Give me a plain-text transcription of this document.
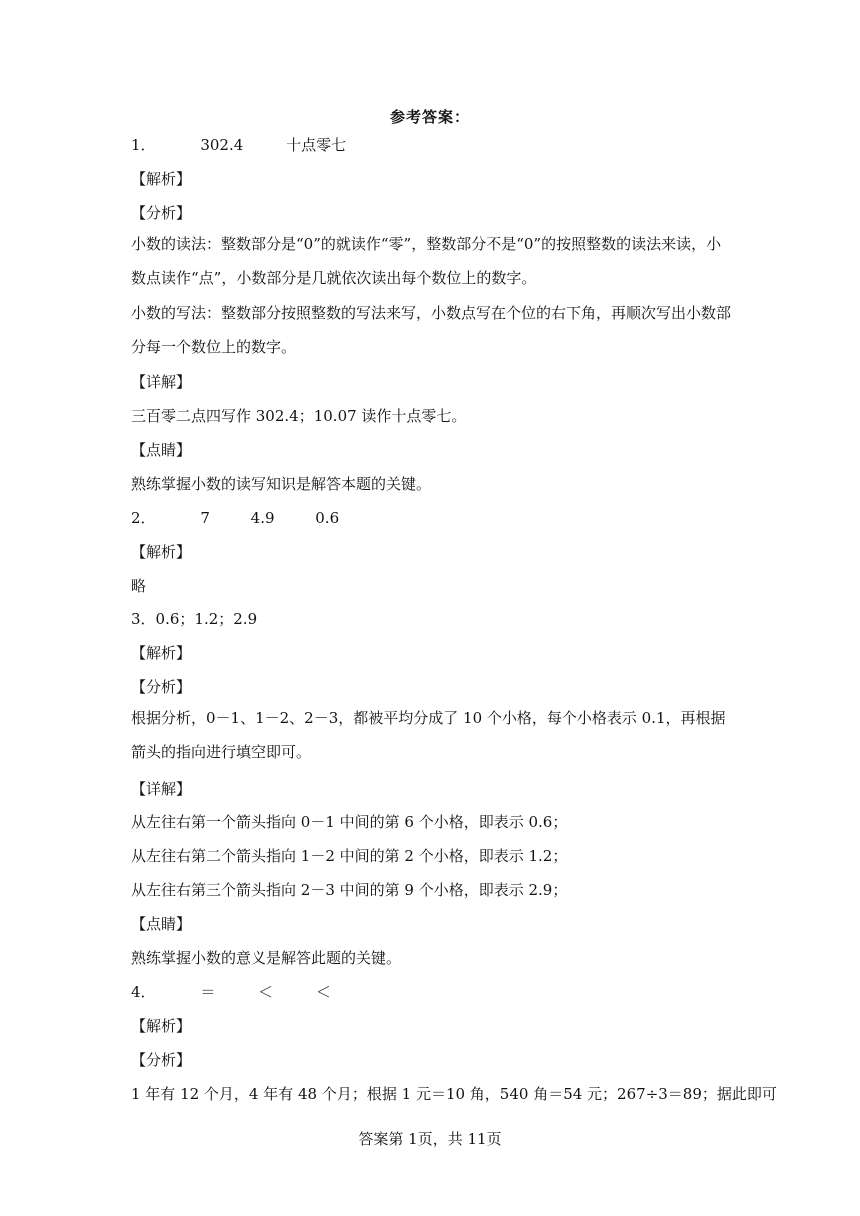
参考答案：
1．	302.4	十点零七
【解析】
【分析】
小数的读法：整数部分是“0”的就读作“零”，整数部分不是“0”的按照整数的读法来读，小数点读作“点”，小数部分是几就依次读出每个数位上的数字。
小数的写法：整数部分按照整数的写法来写，小数点写在个位的右下角，再顺次写出小数部分每一个数位上的数字。
【详解】
三百零二点四写作 302.4；10.07 读作十点零七。
【点睛】
熟练掌握小数的读写知识是解答本题的关键。
2．	7	4.9	0.6
【解析】
略
3．0.6；1.2；2.9
【解析】
【分析】
根据分析，0－1、1－2、2－3，都被平均分成了 10 个小格，每个小格表示 0.1，再根据箭头的指向进行填空即可。
【详解】
从左往右第一个箭头指向 0－1 中间的第 6 个小格，即表示 0.6；
从左往右第二个箭头指向 1－2 中间的第 2 个小格，即表示 1.2；
从左往右第三个箭头指向 2－3 中间的第 9 个小格，即表示 2.9；
【点睛】
熟练掌握小数的意义是解答此题的关键。
4．	＝	＜	＜
【解析】
【分析】
1 年有 12 个月，4 年有 48 个月；根据 1 元＝10 角，540 角＝54 元；267÷3＝89；据此即可
答案第 1页，共 11页
